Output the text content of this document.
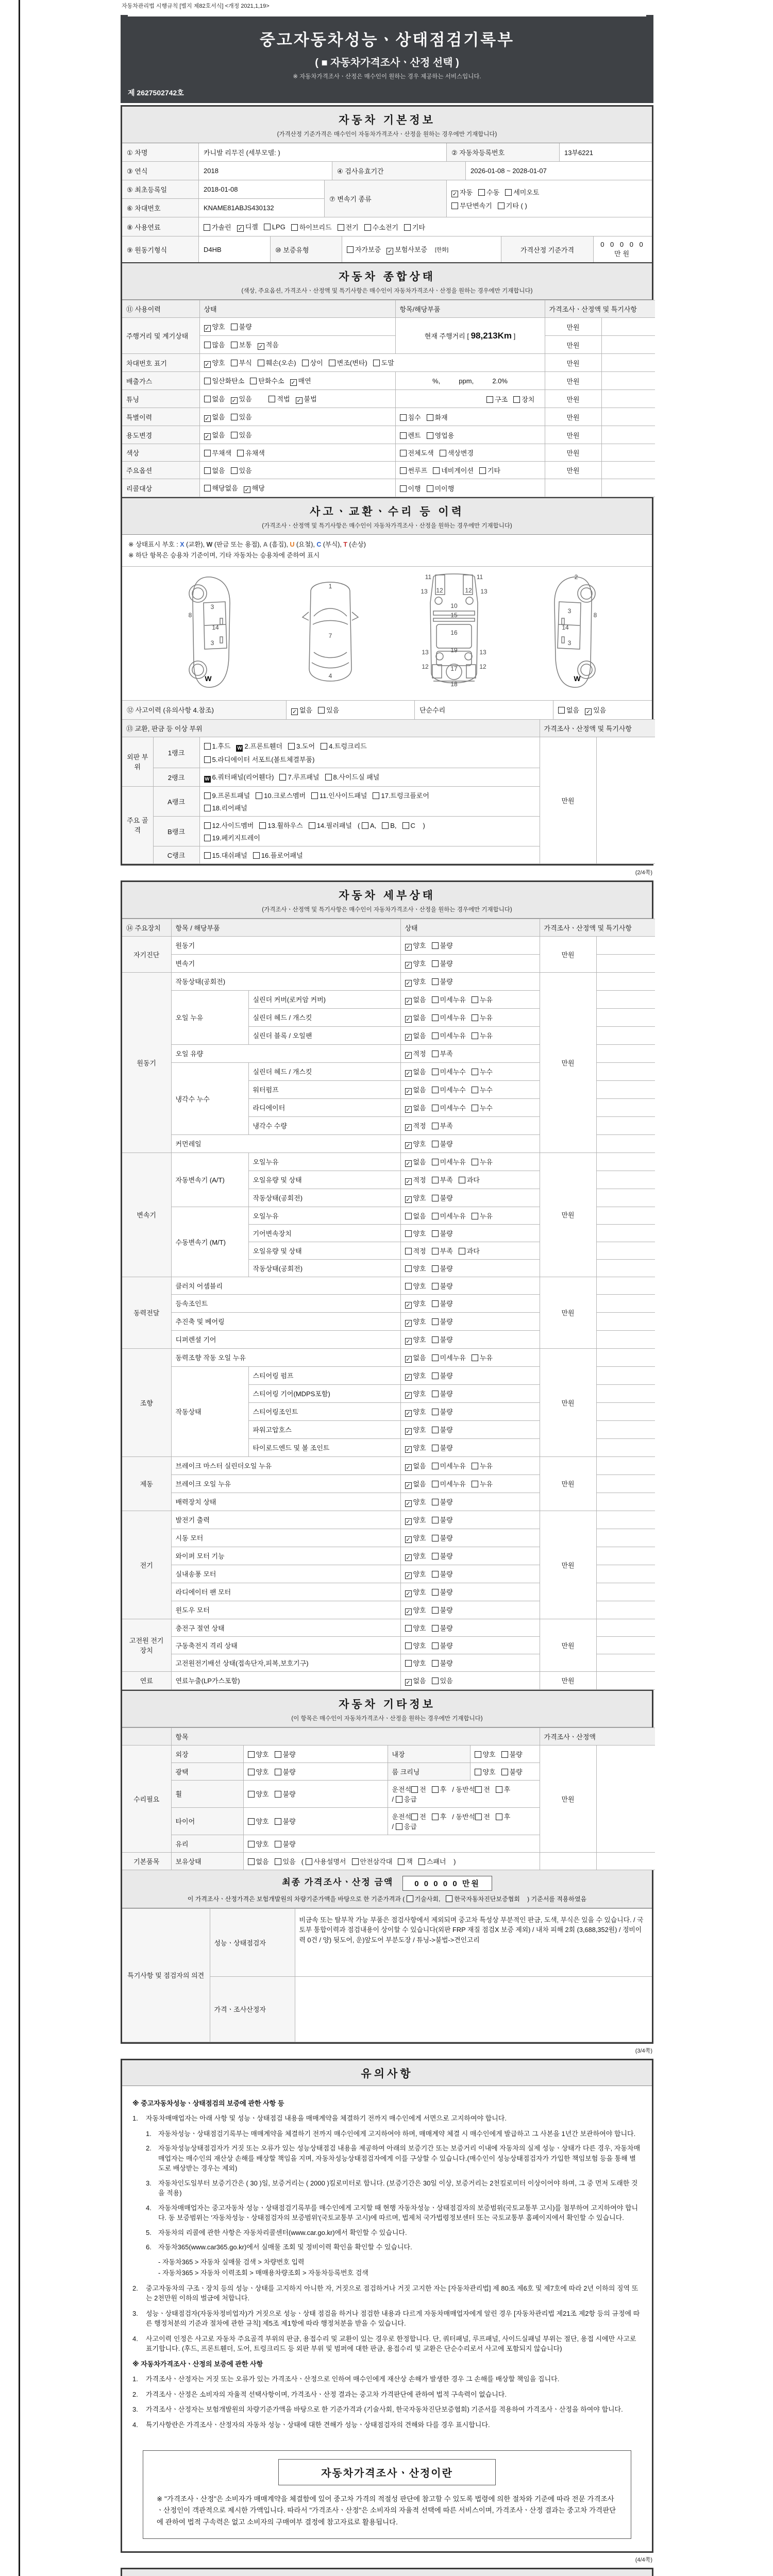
자동차관리법 시행규칙 [별지 제82호서식] <개정 2021,1,19>
중고자동차성능ㆍ상태점검기록부
( ■ 자동차가격조사ㆍ산정 선택 )
※ 자동차가격조사ㆍ산정은 매수인이 원하는 경우 제공하는 서비스입니다.
제 2627502742호
자동차 기본정보
(가격산정 기준가격은 매수인이 자동차가격조사ㆍ산정을 원하는 경우에만 기재합니다)
① 차명	카니발 리무진 (세부모델: )	② 자동차등록번호	13부6221
③ 연식	2018	④ 검사유효기간	2026-01-08 ~ 2028-01-07
⑤ 최초등록일	2018-01-08
⑥ 차대번호	KNAME81ABJS430132
⑦ 변속기 종류
✓ 자동 수동 세미오토
무단변속기 기타 ( )
⑧ 사용연료	가솔린 ✓ 디젤	LPG	하이브리드	전기	수소전기	기타
⑨ 원동기형식	D4HB	⑩ 보증유형	자가보증 ✓ 보험사보증	[한화]	가격산정 기준가격
0 0 0 0 0 만원
자동차 종합상태
(색상, 주요옵션, 가격조사ㆍ산정액 및 특기사항은 매수인이 자동차가격조사ㆍ산정을 원하는 경우에만 기재합니다)
⑪ 사용이력	상태	항목/해당부품	가격조사ㆍ산정액 및 특기사항	
주행거리 및 계기상태	✓ 양호 불량	현재 주행거리 [ 98,213Km ]	만원	
	많음 보통 ✓ 적음		만원	
차대번호 표기	✓ 양호 부식 훼손(오손) 상이 변조(변타) 도말		만원	
배출가스	일산화탄소 탄화수소 ✓ 매연	%,          ppm,          2.0%	만원	
튜닝	없음 ✓ 있음 적법 ✓ 불법	구조 장치	만원	
특별이력	✓ 없음 있음	침수 화재	만원	
용도변경	✓ 없음 있음	렌트 영업용	만원	
색상	무채색 유채색	전체도색 색상변경	만원	
주요옵션	없음 있음	썬루프 네비게이션 기타	만원	
리콜대상	해당없음 ✓ 해당	이행 미이행		
사고ㆍ교환ㆍ수리 등 이력
(가격조사ㆍ산정액 및 특기사항은 매수인이 자동차가격조사ㆍ산정을 원하는 경우에만 기재합니다)
※ 상태표시 부호 : X (교환), W (판금 또는 용접), A (흠집), U (요철), C (부식), T (손상)
※ 하단 항목은 승용차 기준이며, 기타 자동차는 승용차에 준하여 표시
8
3
14
3
W
1
7
4
11	11
12	12
13	13
10
15
16
19
13	13
12	12
17
18
2
8
3
14
3
W
⑫ 사고이력 (유의사항 4.참조)	✓ 없음	있음	단순수리	없음 ✓ 있음
⑬ 교환, 판금 등 이상 부위			가격조사ㆍ산정액 및 특기사항	
외판 부위	1랭크	1.후드 W 2.프론트휀더 3.도어 4.트렁크리드
5.라디에이터 서포트(볼트체결부품)	만원	
	2랭크	W 6.쿼터패널(리어휀다) 7.루프패널 8.사이드실 패널		
주요 골격	A랭크	9.프론트패널 10.크로스멤버 11.인사이드패널 17.트렁크플로어
18.리어패널		

	B랭크	12.사이드멤버 13.휠하우스 14.필러패널 ( A, B, C )
19.페키지트레이		

	C랭크	15.대쉬패널 16.플로어패널		
(2/4쪽)
자동차 세부상태
(가격조사ㆍ산정액 및 특기사항은 매수인이 자동차가격조사ㆍ산정을 원하는 경우에만 기재합니다)
⑭ 주요장치	항목 / 해당부품		상태	가격조사ㆍ산정액 및 특기사항	
자기진단	원동기		✓ 양호 불량	만원	
	변속기		✓ 양호 불량		
원동기	작동상태(공회전)		✓ 양호 불량	만원	
	오일 누유	실린더 커버(로커암 커버)	✓ 없음 미세누유 누유		
		실린더 헤드 / 개스킷	✓ 없음 미세누유 누유		
		실린더 블록 / 오일팬	✓ 없음 미세누유 누유		
	오일 유량		✓ 적정 부족		
	냉각수 누수	실린더 헤드 / 개스킷	✓ 없음 미세누수 누수		
		워터펌프	✓ 없음 미세누수 누수		
		라디에이터	✓ 없음 미세누수 누수		
		냉각수 수량	✓ 적정 부족		
	커먼레일		✓ 양호 불량		
변속기	자동변속기 (A/T)	오일누유	✓ 없음 미세누유 누유	만원	
		오일유량 및 상태	✓ 적정 부족 과다		
		작동상태(공회전)	✓ 양호 불량		
	수동변속기 (M/T)	오일누유	없음 미세누유 누유		
		기어변속장치	양호 불량		
		오일유량 및 상태	적정 부족 과다		
		작동상태(공회전)	양호 불량		
동력전달	클러치 어셈블리		양호 불량	만원	
	등속조인트		✓ 양호 불량		
	추진축 및 베어링		✓ 양호 불량		
	디퍼렌셜 기어		✓ 양호 불량		
조향	동력조향 작동 오일 누유		✓ 없음 미세누유 누유	만원	
	작동상태	스티어링 펌프	✓ 양호 불량		
		스티어링 기어(MDPS포함)	✓ 양호 불량		
		스티어링조인트	✓ 양호 불량		
		파워고압호스	✓ 양호 불량		
		타이로드엔드 및 볼 조인트	✓ 양호 불량		
제동	브레이크 마스터 실린더오일 누유		✓ 없음 미세누유 누유	만원	
	브레이크 오일 누유		✓ 없음 미세누유 누유		
	배력장치 상태		✓ 양호 불량		
전기	발전기 출력		✓ 양호 불량	만원	
	시동 모터		✓ 양호 불량		
	와이퍼 모터 기능		✓ 양호 불량		
	실내송풍 모터		✓ 양호 불량		
	라디에이터 팬 모터		✓ 양호 불량		
	윈도우 모터		✓ 양호 불량		
고전원 전기장치	충전구 절연 상태		양호 불량	만원	
	구동축전지 격리 상태		양호 불량		
	고전원전기배선 상태(접속단자,피복,보호기구)		양호 불량		
연료	연료누출(LP가스포함)		✓ 없음 있음	만원	
자동차 기타정보
(이 항목은 매수인이 자동차가격조사ㆍ산정을 원하는 경우에만 기재합니다)
	항목				가격조사ㆍ산정액	
수리필요	외장	양호 불량	내장	양호 불량	만원	
	광택	양호 불량	룸 크리닝	양호 불량		
	휠	양호 불량	운전석 전 후 / 동반석 전 후/ 응급			
	타이어	양호 불량	운전석 전 후 / 동반석 전 후/ 응급			
	유리	양호 불량				
기본품목	보유상태	없음 있음 ( 사용설명서 안전삼각대 잭 스패너 )				
최종 가격조사ㆍ산정 금액	0 0 0 0 0 만원
이 가격조사ㆍ산정가격은 보험개발원의 차량기준가액을 바탕으로 한 기준가격과 ( 기술사회, 한국자동차진단보증협회 ) 기준서를 적용하였음
특기사항 및 점검자의 의견	성능ㆍ상태점검자	비금속 또는 탈부착 가능 부품은 점검사항에서 제외되며 중고차 특성상 부분적인 판금, 도색, 부식은 있을 수 있습니다. / 국토부 통합이력과 점검내용이 상이할 수 있습니다(외판 FRP 재질 점검X 보증 제외) / 내차 피해 2회 (3,688,352원) / 정비이력 0건 / 양) 뒷도어, 운)앞도어 부분도장 / 튜닝->불법->견인고리
	가격ㆍ조사산정자	
(3/4쪽)
유의사항
※ 중고자동차성능ㆍ상태점검의 보증에 관한 사항 등
1.	자동차매매업자는 아래 사항 및 성능ㆍ상태점검 내용을 매매계약을 체결하기 전까지 매수인에게 서면으로 고지하여야 합니다.
1.	자동차성능ㆍ상태점검기록부는 매매계약을 체결하기 전까지 매수인에게 고지하여야 하며, 매매계약 체결 시 매수인에게 발급하고 그 사본을 1년간 보관하여야 합니다.
2.	자동차성능상태점검자가 거짓 또는 오류가 있는 성능상태점검 내용을 제공하여 아래의 보증기간 또는 보증거리 이내에 자동차의 실제 성능ㆍ상태가 다른 경우, 자동차매매업자는 매수인의 재산상 손해를 배상할 책임을 지며, 자동차성능상태점검자에게 이를 구상할 수 있습니다.(매수인이 성능상태점검자가 가입한 책임보험 등을 통해 별도로 배상받는 경우는 제외)
3.	자동차인도일부터 보증기간은 ( 30 )일, 보증거리는 ( 2000 )킬로미터로 합니다. (보증기간은 30일 이상, 보증거리는 2천킬로미터 이상이어야 하며, 그 중 먼저 도래한 것을 적용)
4.	자동차매매업자는 중고자동차 성능ㆍ상태점검기록부를 매수인에게 고지할 때 현행 자동차성능ㆍ상태점검자의 보증범위(국토교통부 고시)를 첨부하여 고지하여야 합니다. 동 보증범위는 '자동차성능ㆍ상태점검자의 보증범위'(국토교통부 고시)에 따르며, 법제처 국가법령정보센터 또는 국토교통부 홈페이지에서 확인할 수 있습니다.
5.	자동차의 리콜에 관한 사항은 자동차리콜센터(www.car.go.kr)에서 확인할 수 있습니다.
6.	자동차365(www.car365.go.kr)에서 실매물 조회 및 정비이력 확인을 확인할 수 있습니다.
- 자동차365 > 자동차 실매물 검색 > 차량번호 입력
- 자동차365 > 자동차 이력조회 > 매매용차량조회 > 자동차등록번호 검색
2.	중고자동차의 구조ㆍ장치 등의 성능ㆍ상태를 고지하지 아니한 자, 거짓으로 점검하거나 거짓 고지한 자는 [자동차관리법] 제 80조 제6호 및 제7호에 따라 2년 이하의 징역 또는 2천만원 이하의 벌금에 처합니다.
3.	성능ㆍ상태점검자(자동차정비업자)가 거짓으로 성능ㆍ상태 점검을 하거나 점검한 내용과 다르게 자동차매매업자에게 알린 경우 [자동차관리법 제21조 제2항 등의 규정에 따른 행정처분의 기준과 절차에 관한 규칙] 제5조 제1항에 따라 행정처분을 받을 수 있습니다.
4.	사고이력 인정은 사고로 자동차 주요골격 부위의 판금, 용접수리 및 교환이 있는 경우로 한정합니다. 단, 쿼터패널, 루프패널, 사이드실패널 부위는 절단, 용접 시에만 사고로 표기합니다. (후드, 프론트휀더, 도어, 트렁크리드 등 외판 부위 및 범퍼에 대한 판금, 용접수리 및 교환은 단순수리로서 사고에 포함되지 않습니다)
※ 자동차가격조사ㆍ산정의 보증에 관한 사항
1.	가격조사ㆍ산정자는 거짓 또는 오류가 있는 가격조사ㆍ산정으로 인하여 매수인에게 재산상 손해가 발생한 경우 그 손해를 배상할 책임을 집니다.
2.	가격조사ㆍ산정은 소비자의 자율적 선택사항이며, 가격조사ㆍ산정 결과는 중고차 가격판단에 관하여 법적 구속력이 없습니다.
3.	가격조사ㆍ산정자는 보험개발원의 차량기준가액을 바탕으로 한 기준가격과 (기술사회, 한국자동차진단보증협회) 기준서를 적용하여 가격조사ㆍ산정을 하여야 합니다.
4.	특기사항란은 가격조사ㆍ산정자의 자동차 성능ㆍ상태에 대한 견해가 성능ㆍ상태점검자의 견해와 다를 경우 표시합니다.
자동차가격조사ㆍ산정이란
※ "가격조사ㆍ산정"은 소비자가 매매계약을 체결함에 있어 중고차 가격의 적절성 판단에 참고할 수 있도록 법령에 의한 절차와 기준에 따라 전문 가격조사ㆍ산정인이 객관적으로 제시한 가액입니다. 따라서 "가격조사ㆍ산정"은 소비자의 자율적 선택에 따른 서비스이며, 가격조사ㆍ산정 결과는 중고차 가격판단에 관하여 법적 구속력은 없고 소비자의 구매여부 결정에 참고자료로 활용됩니다.
(4/4쪽)
